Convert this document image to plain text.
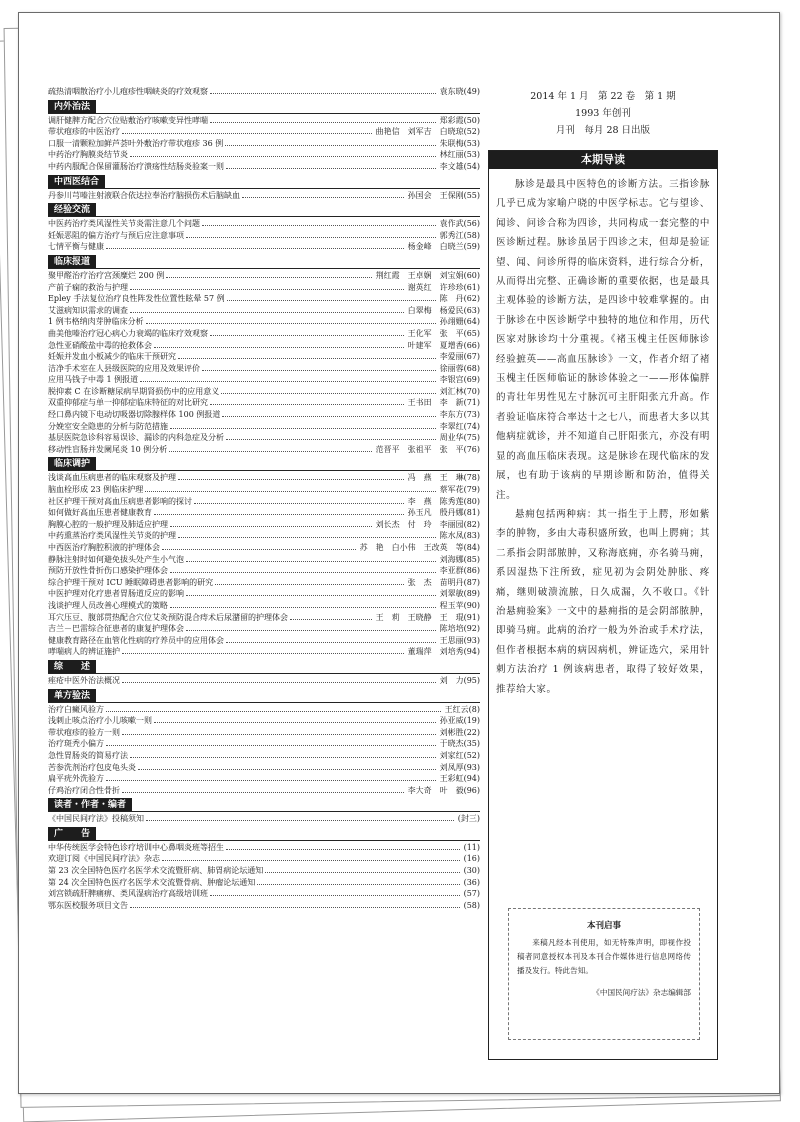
疏热清咽散治疗小儿疱疹性咽峡炎的疗效观察	袁东晓 (49)
内外治法
调肝健脾方配合穴位贴敷治疗咳嗽变异性哮喘	郑彩霞 (50)
带状疱疹的中医治疗	曲艳信　刘军吉　白晓琼 (52)
口服一清颗粒加鲜芦荟叶外敷治疗带状疱疹 36 例	朱联梅 (53)
中药治疗胸膜炎结节炎	林红丽 (53)
中药内服配合保留灌肠治疗溃疡性结肠炎验案一则	李文雄 (54)
中西医结合
丹参川芎嗪注射液联合依达拉奉治疗脑损伤术后脑缺血	孙国会　王保刚 (55)
经验交流
中医药治疗类风湿性关节炎需注意几个问题	袁作武 (56)
妊娠恶阻的偏方治疗与预后应注意事项	郭秀江 (58)
七情平衡与健康	杨金峰　白晓兰 (59)
临床报道
聚甲醛治疗治疗宫颈糜烂 200 例	荆红霞　王卓娴　刘宝娟 (60)
产前子痫的救治与护理	谢英红　许珍珍 (61)
Epley 手法复位治疗良性阵发性位置性眩晕 57 例	陈　丹 (62)
艾滋病知识需求的调查	白翠梅　杨爱民 (63)
1 例韦格纳肉芽肿临床分析	孙翊姗 (64)
曲美他嗪治疗冠心病心力衰竭的临床疗效观察	王化军　张　平 (65)
急性亚硝酸盐中毒的抢救体会	叶建军　夏增香 (66)
妊娠并发血小板减少的临床干预研究	李爱丽 (67)
洁净手术室在人县级医院的应用及效果评价	徐丽蓉 (68)
应用马钱子中毒 1 例报道	李银宫 (69)
脱抑素 C 在诊断糖尿病早期肾损伤中的应用意义	刘汇林 (70)
双重抑郁症与单一抑郁症临床特征的对比研究	王书田　李　新 (71)
经口鼻内镜下电动切吸器切除腺样体 100 例报道	李东方 (73)
分娩室安全隐患的分析与防范措施	李翠红 (74)
基层医院急诊科容易误诊、漏诊的内科急症及分析	周业华 (75)
移动性盲肠并发阑尾炎 10 例分析	范晋平　张祖平　张　平 (76)
临床调护
浅谈高血压病患者的临床观察及护理	冯　燕　王　琳 (78)
脑血栓形成 23 例临床护理	蔡军花 (79)
社区护理干预对高血压病患者影响的探讨	李　燕　陈秀莲 (80)
如何做好高血压患者健康教育	孙玉凡　殷丹娜 (81)
胸膜心腔的一般护理及肺适应护理	刘长杰　付　玲　李丽园 (82)
中药熏蒸治疗类风湿性关节炎的护理	陈水凤 (83)
中西医治疗胸腔积液的护理体会	苏　艳　白小伟　王改英　等 (84)
静脉注射时如何避免拔头处产生小气泡	刘海娜 (85)
预防开放性骨折伤口感染护理体会	李亚群 (86)
综合护理干预对 ICU 睡眠障碍患者影响的研究	张　杰　苗明丹 (87)
中医护理对化疗患者胃肠道反应的影响	刘翠敏 (89)
浅谈护理人员改善心理模式的策略	程玉苹 (90)
耳穴压豆、腹部贯热配合穴位艾灸预防混合痔术后尿潴留的护理体会	王　莉　王晓静　王　琨 (91)
吉兰－巴雷综合征患者的康复护理体会	陈培培 (92)
健康教育路径在血管化性病的疗养员中的应用体会	王思丽 (93)
哮喘病人的辨证施护	董瑞萍　刘培秀 (94)
综　　述
痤疮中医外治法概况	刘　力 (95)
单方验法
治疗白癜风验方	王红云 (8)
浅刺止咳点治疗小儿咳嗽一则	孙亚威 (19)
带状疱疹的验方一则	刘彬胜 (22)
治疗斑秃小偏方	于晓杰 (35)
急性胃肠炎的简易疗法	刘家红 (52)
苦参洗剂治疗包皮龟头炎	刘凤厚 (93)
扁平疣外洗验方	王彩虹 (94)
仔鸡治疗闭合性骨折	李大奇　叶　毅 (96)
读者・作者・编者
《中国民间疗法》投稿须知	(封三)
广　　告
中华传统医学会特色诊疗培训中心鼻咽炎班等招生	(11)
欢迎订阅《中国民间疗法》杂志	(16)
第 23 次全国特色医疗名医学术交流暨肝病、肺胃病论坛通知	(30)
第 24 次全国特色医疗名医学术交流暨骨病、肿瘤论坛通知	(36)
刘宫锁疏肝脾痛痹、类风湿病治疗高级培训班	(57)
鄂东医校服务项目文告	(58)
2014 年 1 月　第 22 卷　第 1 期
1993 年创刊
月刊　每月 28 日出版
本期导读

脉诊是最具中医特色的诊断方法。三指诊脉几乎已成为家喻户晓的中医学标志。它与望诊、闻诊、问诊合称为四诊，共同构成一套完整的中医诊断过程。脉诊虽居于四诊之末，但却是验证望、闻、问诊所得的临床资料，进行综合分析，从而得出完整、正确诊断的重要依据，也是最具主观体验的诊断方法，是四诊中较难掌握的。由于脉诊在中医诊断学中独特的地位和作用，历代医家对脉诊均十分重视。《褚玉槐主任医师脉诊经验摭英——高血压脉诊》一文，作者介绍了褚玉槐主任医师临证的脉诊体验之一——形体偏胖的青壮年男性见左寸脉沉可主肝阳张亢升高。作者验证临床符合率达十之七八，而患者大多以其他病症就诊，并不知道自己肝阳张亢，亦没有明显的高血压临床表现。这是脉诊在现代临床的发展，也有助于该病的早期诊断和防治，值得关注。

悬痈包括两种病：其一指生于上腭，形如紫李的肿物，多由大毒积盛所致，也叫上腭痈；其二系指会阴部脓肿，又称海底痈，亦名骑马痈，系因湿热下注所致，症见初为会阴处肿胀、疼痛，继则破溃流脓，日久成漏，久不收口。《针治悬痈验案》一文中的悬痈指的是会阴部脓肿，即骑马痈。此病的治疗一般为外治或手术疗法，但作者根据本病的病因病机，辨证选穴，采用针刺方法治疗 1 例该病患者，取得了较好效果，推荐给大家。

本刊启事
来稿凡经本刊使用，如无特殊声明，即视作投稿者同意授权本刊及本刊合作媒体进行信息网络传播及发行。特此告知。
《中国民间疗法》杂志编辑部
